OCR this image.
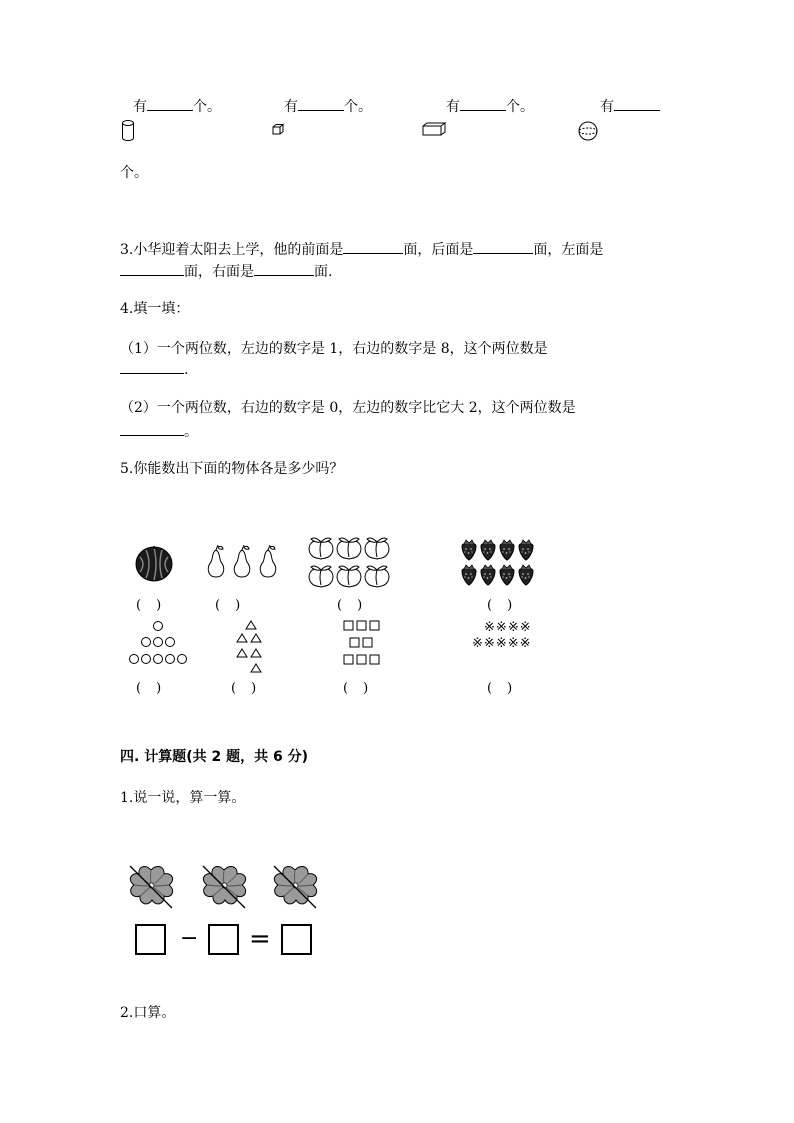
有	个。	有	个。	有	个。	有
个。
3.小华迎着太阳去上学，他的前面是	面，后面是	面，左面是
面，右面是	面.
4.填一填：
（1）一个两位数，左边的数字是 1，右边的数字是 8，这个两位数是
.
（2）一个两位数，右边的数字是 0，左边的数字比它大 2，这个两位数是
。
5.你能数出下面的物体各是多少吗？
(　)	(　)	(　)	(　)
※※※※
※※※※※
(　)	(　)	(　)	(　)
四. 计算题(共 2 题，共 6 分)
1.说一说，算一算。
− =
2.口算。
